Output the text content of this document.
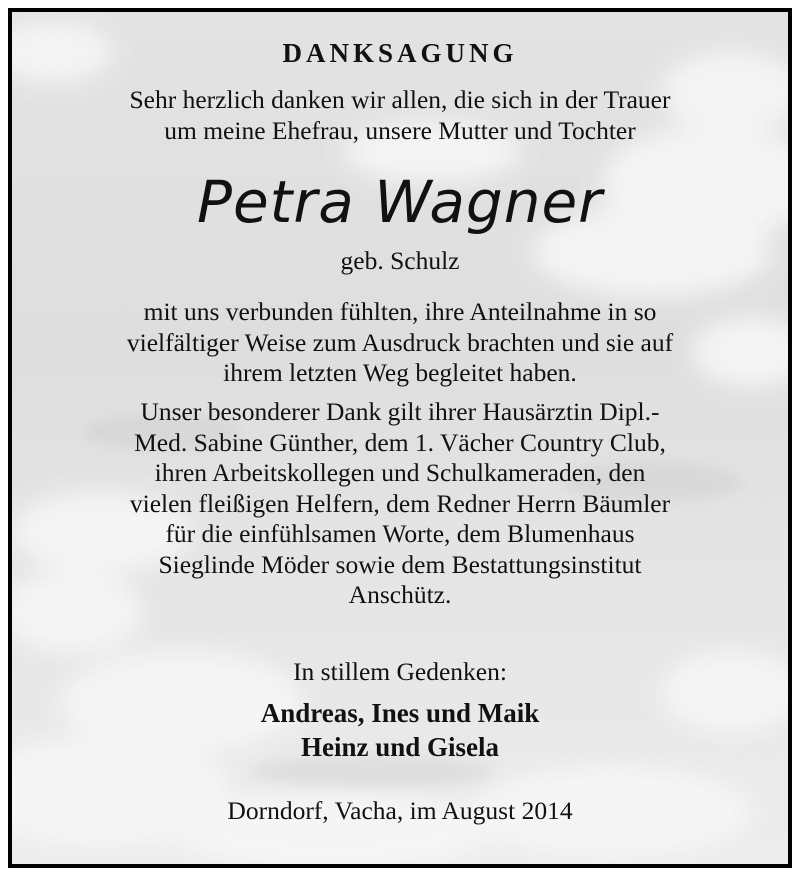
DANKSAGUNG
Sehr herzlich danken wir allen, die sich in der Trauer
um meine Ehefrau, unsere Mutter und Tochter
Petra Wagner
geb. Schulz
mit uns verbunden fühlten, ihre Anteilnahme in so
vielfältiger Weise zum Ausdruck brachten und sie auf
ihrem letzten Weg begleitet haben.
Unser besonderer Dank gilt ihrer Hausärztin Dipl.-
Med. Sabine Günther, dem 1. Vächer Country Club,
ihren Arbeitskollegen und Schulkameraden, den
vielen fleißigen Helfern, dem Redner Herrn Bäumler
für die einfühlsamen Worte, dem Blumenhaus
Sieglinde Möder sowie dem Bestattungsinstitut
Anschütz.
In stillem Gedenken:
Andreas, Ines und Maik
Heinz und Gisela
Dorndorf, Vacha, im August 2014
